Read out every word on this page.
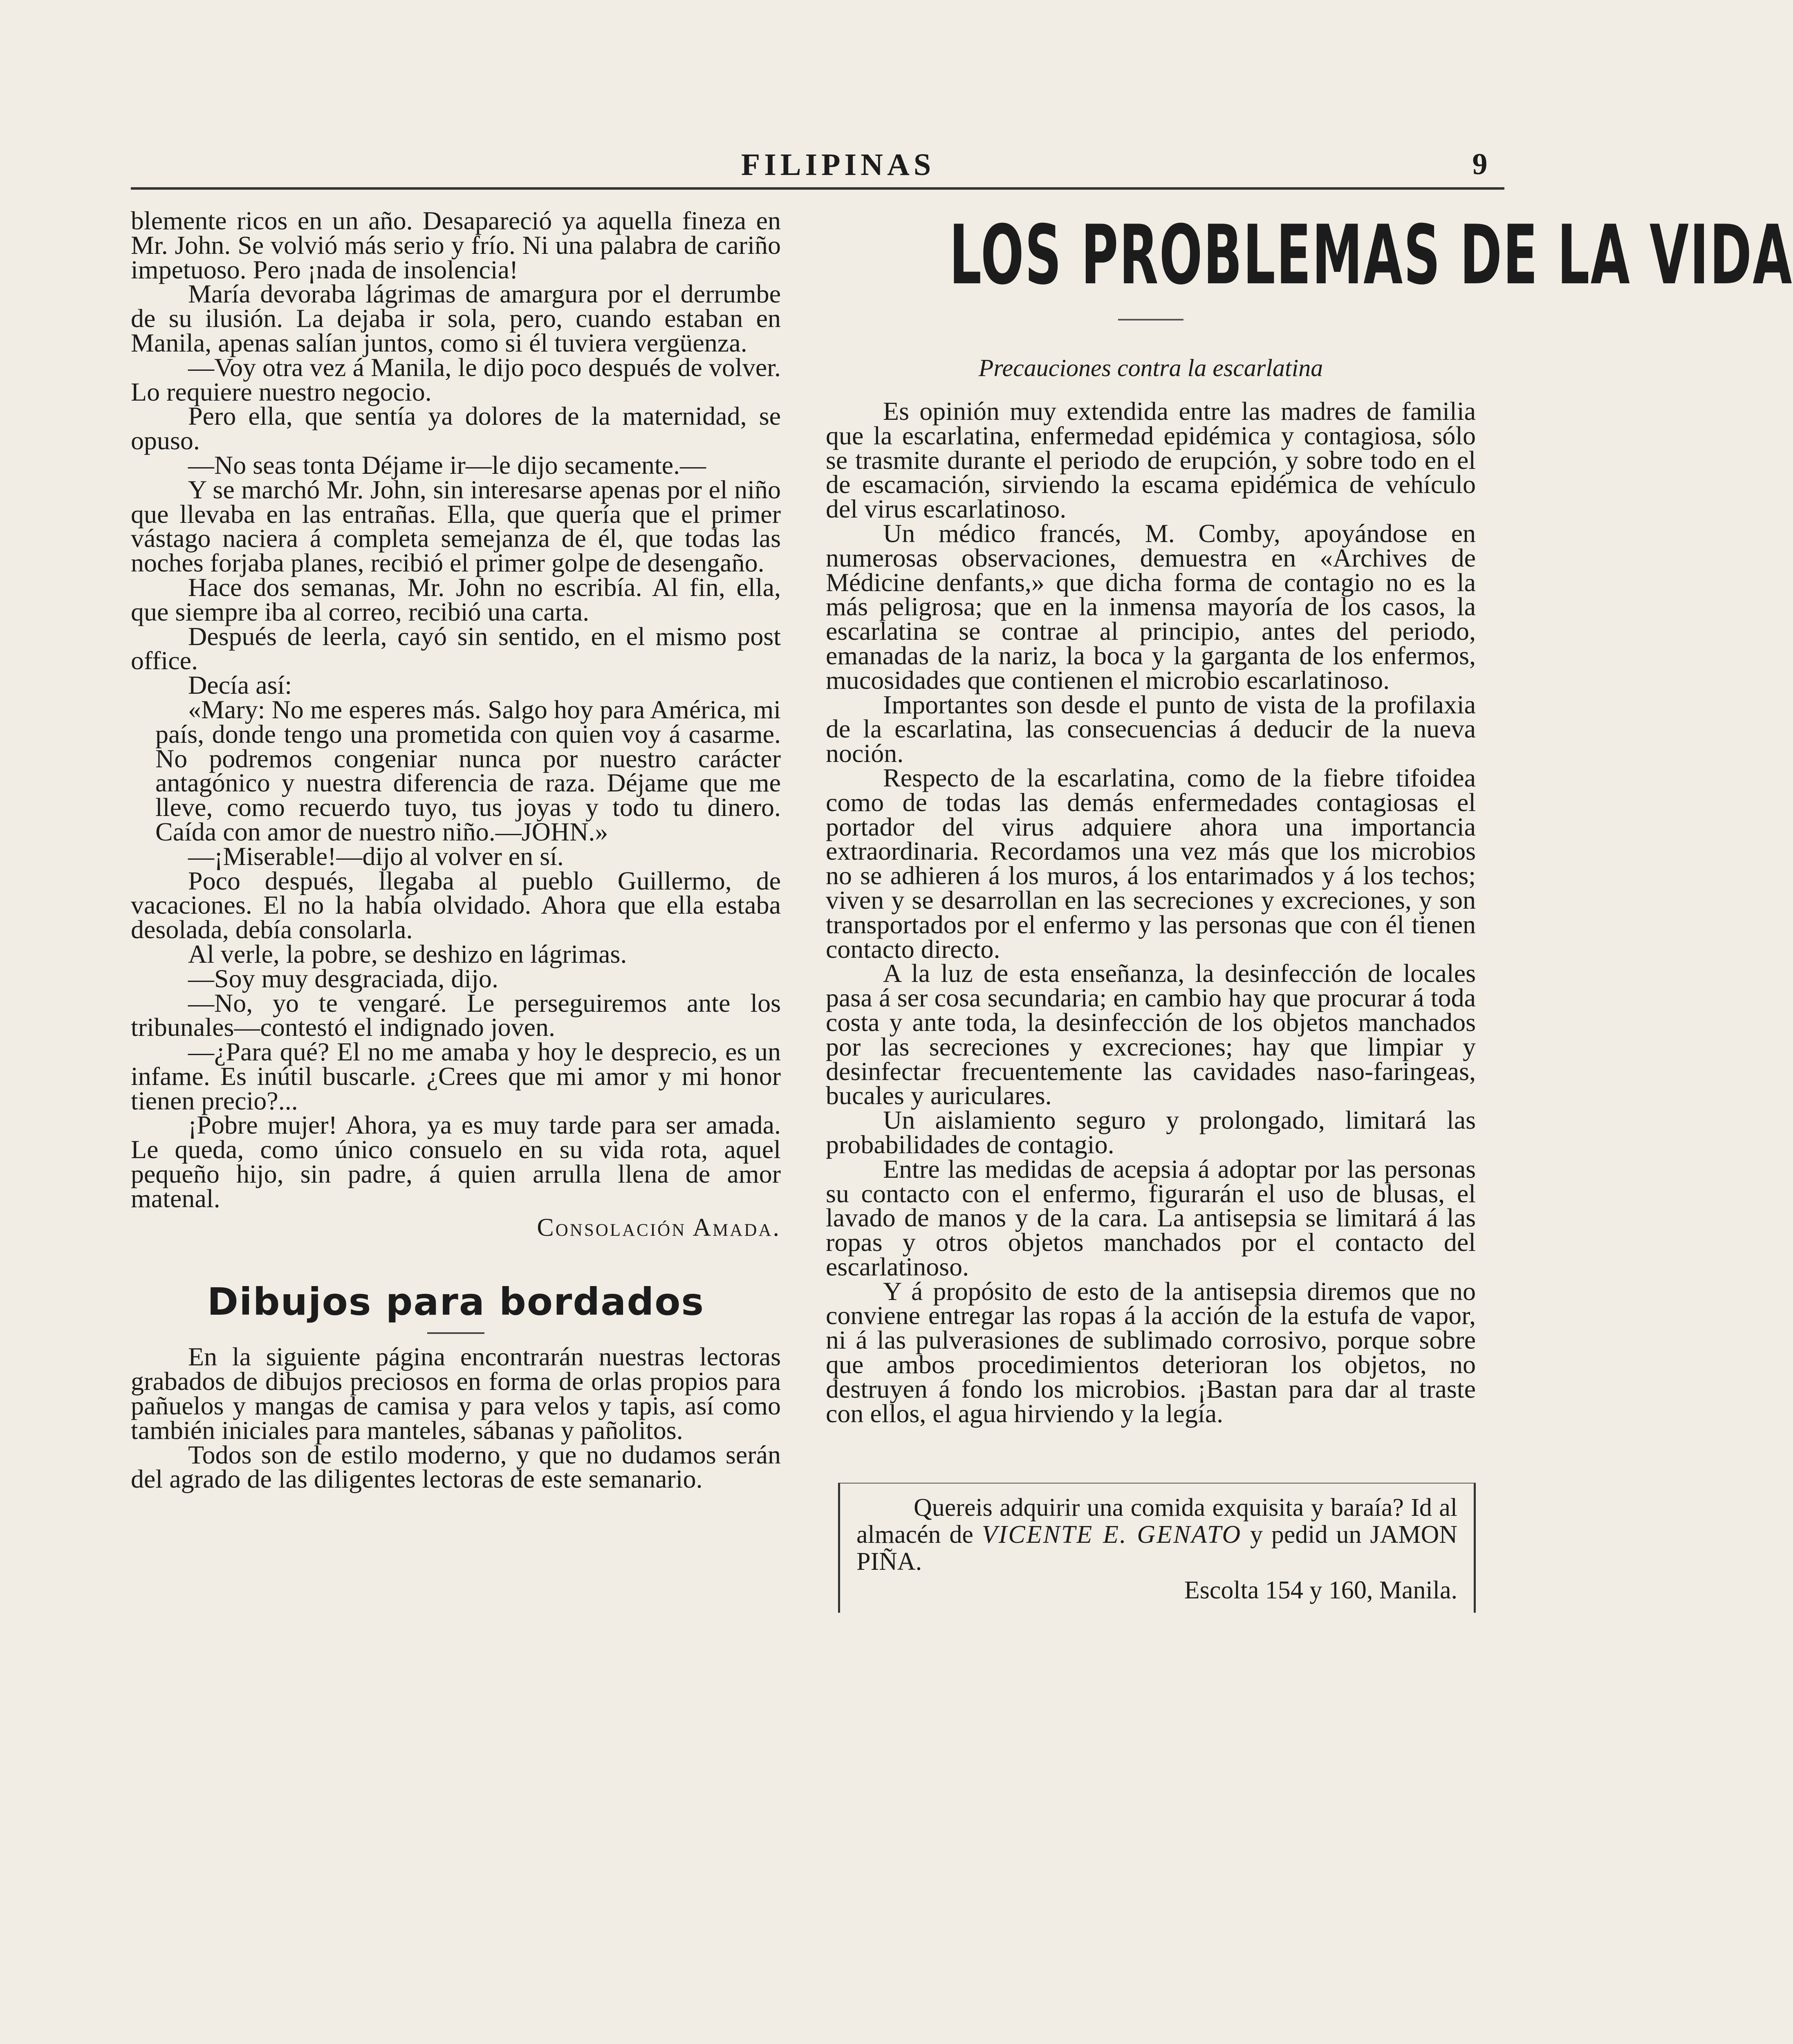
FILIPINAS	9

blemente ricos en un año. Desapareció ya aquella fineza en Mr. John. Se volvió más serio y frío. Ni una palabra de cariño impetuoso. Pero ¡nada de insolencia!

María devoraba lágrimas de amargura por el derrumbe de su ilusión. La dejaba ir sola, pero, cuando estaban en Manila, apenas salían juntos, como si él tuviera vergüenza.

—Voy otra vez á Manila, le dijo poco después de volver. Lo requiere nuestro negocio.

Pero ella, que sentía ya dolores de la maternidad, se opuso.

—No seas tonta Déjame ir—le dijo secamente.—

Y se marchó Mr. John, sin interesarse apenas por el niño que llevaba en las entrañas. Ella, que quería que el primer vástago naciera á completa semejanza de él, que todas las noches forjaba planes, recibió el primer golpe de desengaño.

Hace dos semanas, Mr. John no escribía. Al fin, ella, que siempre iba al correo, recibió una carta.

Después de leerla, cayó sin sentido, en el mismo post office.

Decía así:

«Mary: No me esperes más. Salgo hoy para América, mi país, donde tengo una prometida con quien voy á casarme. No podremos congeniar nunca por nuestro carácter antagónico y nuestra diferencia de raza. Déjame que me lleve, como recuerdo tuyo, tus joyas y todo tu dinero. Caída con amor de nuestro niño.—JOHN.»

—¡Miserable!—dijo al volver en sí.

Poco después, llegaba al pueblo Guillermo, de vacaciones. El no la había olvidado. Ahora que ella estaba desolada, debía consolarla.

Al verle, la pobre, se deshizo en lágrimas.

—Soy muy desgraciada, dijo.

—No, yo te vengaré. Le perseguiremos ante los tribunales—contestó el indignado joven.

—¿Para qué? El no me amaba y hoy le desprecio, es un infame. Es inútil buscarle. ¿Crees que mi amor y mi honor tienen precio?...

¡Pobre mujer! Ahora, ya es muy tarde para ser amada. Le queda, como único consuelo en su vida rota, aquel pequeño hijo, sin padre, á quien arrulla llena de amor matenal.

Consolación Amada.

Dibujos para bordados

En la siguiente página encontrarán nuestras lectoras grabados de dibujos preciosos en forma de orlas propios para pañuelos y mangas de camisa y para velos y tapis, así como también iniciales para manteles, sábanas y pañolitos.

Todos son de estilo moderno, y que no dudamos serán del agrado de las diligentes lectoras de este semanario.

LOS PROBLEMAS DE LA VIDA
Precauciones contra la escarlatina

Es opinión muy extendida entre las madres de familia que la escarlatina, enfermedad epidémica y contagiosa, sólo se trasmite durante el periodo de erupción, y sobre todo en el de escamación, sirviendo la escama epidémica de vehículo del virus escarlatinoso.

Un médico francés, M. Comby, apoyándose en numerosas observaciones, demuestra en «Archives de Médicine denfants,» que dicha forma de contagio no es la más peligrosa; que en la inmensa mayoría de los casos, la escarlatina se contrae al principio, antes del periodo, emanadas de la nariz, la boca y la garganta de los enfermos, mucosidades que contienen el microbio escarlatinoso.

Importantes son desde el punto de vista de la profilaxia de la escarlatina, las consecuencias á deducir de la nueva noción.

Respecto de la escarlatina, como de la fiebre tifoidea como de todas las demás enfermedades contagiosas el portador del virus adquiere ahora una importancia extraordinaria. Recordamos una vez más que los microbios no se adhieren á los muros, á los entarimados y á los techos; viven y se desarrollan en las secreciones y excreciones, y son transportados por el enfermo y las personas que con él tienen contacto directo.

A la luz de esta enseñanza, la desinfección de locales pasa á ser cosa secundaria; en cambio hay que procurar á toda costa y ante toda, la desinfección de los objetos manchados por las secreciones y excreciones; hay que limpiar y desinfectar frecuentemente las cavidades naso-faringeas, bucales y auriculares.

Un aislamiento seguro y prolongado, limitará las probabilidades de contagio.

Entre las medidas de acepsia á adoptar por las personas su contacto con el enfermo, figurarán el uso de blusas, el lavado de manos y de la cara. La antisepsia se limitará á las ropas y otros objetos manchados por el contacto del escarlatinoso.

Y á propósito de esto de la antisepsia diremos que no conviene entregar las ropas á la acción de la estufa de vapor, ni á las pulverasiones de sublimado corrosivo, porque sobre que ambos procedimientos deterioran los objetos, no destruyen á fondo los microbios. ¡Bastan para dar al traste con ellos, el agua hirviendo y la legía.

Quereis adquirir una comida exquisita y baraía? Id al almacén de VICENTE E. GENATO y pedid un JAMON PIÑA.

Escolta 154 y 160, Manila.
